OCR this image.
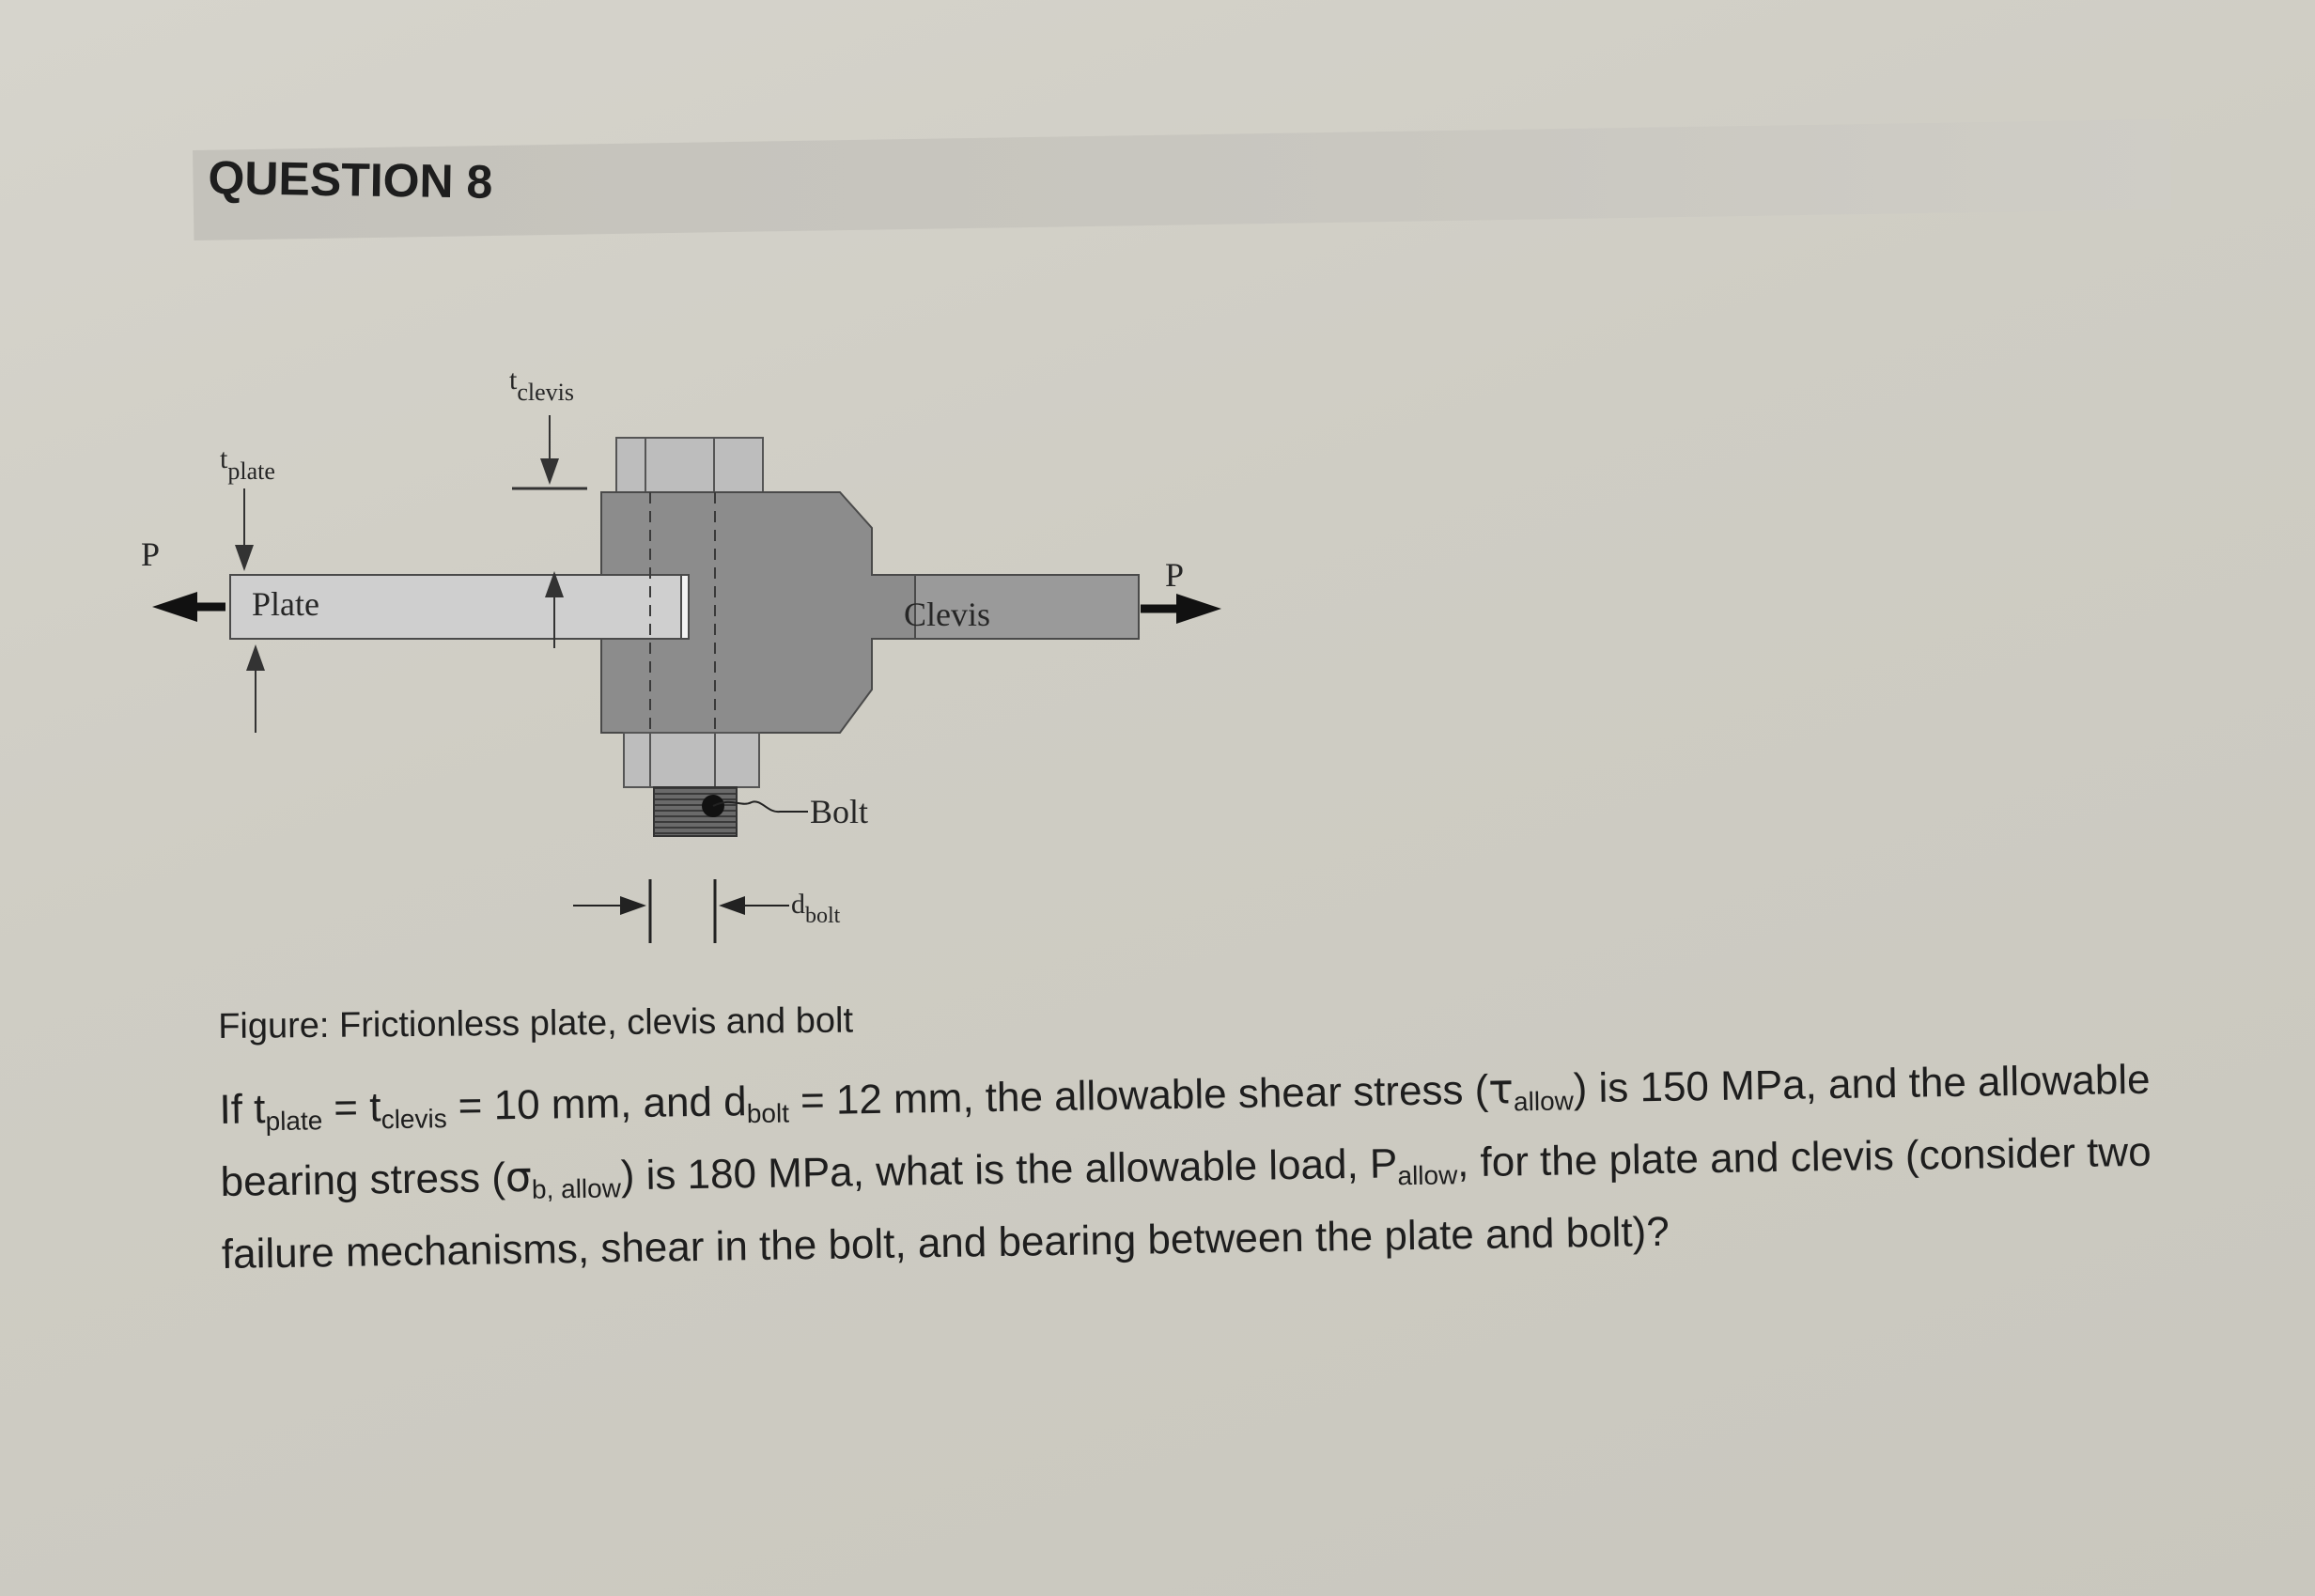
QUESTION 8
P
P
tplate
tclevis
Plate	Clevis
Bolt
$d_{bolt}$
Figure: Frictionless plate, clevis and bolt
If $t_{plate} = t_{clevis} = 10$ mm, and $d_{bolt} = 12$ mm, the allowable shear stress $(\tau_{allow})$ is 150 MPa, and the allowable bearing stress $(\sigma_{b, allow})$ is 180 MPa, what is the allowable load, $P_{allow}$, for the plate and clevis (consider two failure mechanisms, shear in the bolt, and bearing between the plate and bolt)?
